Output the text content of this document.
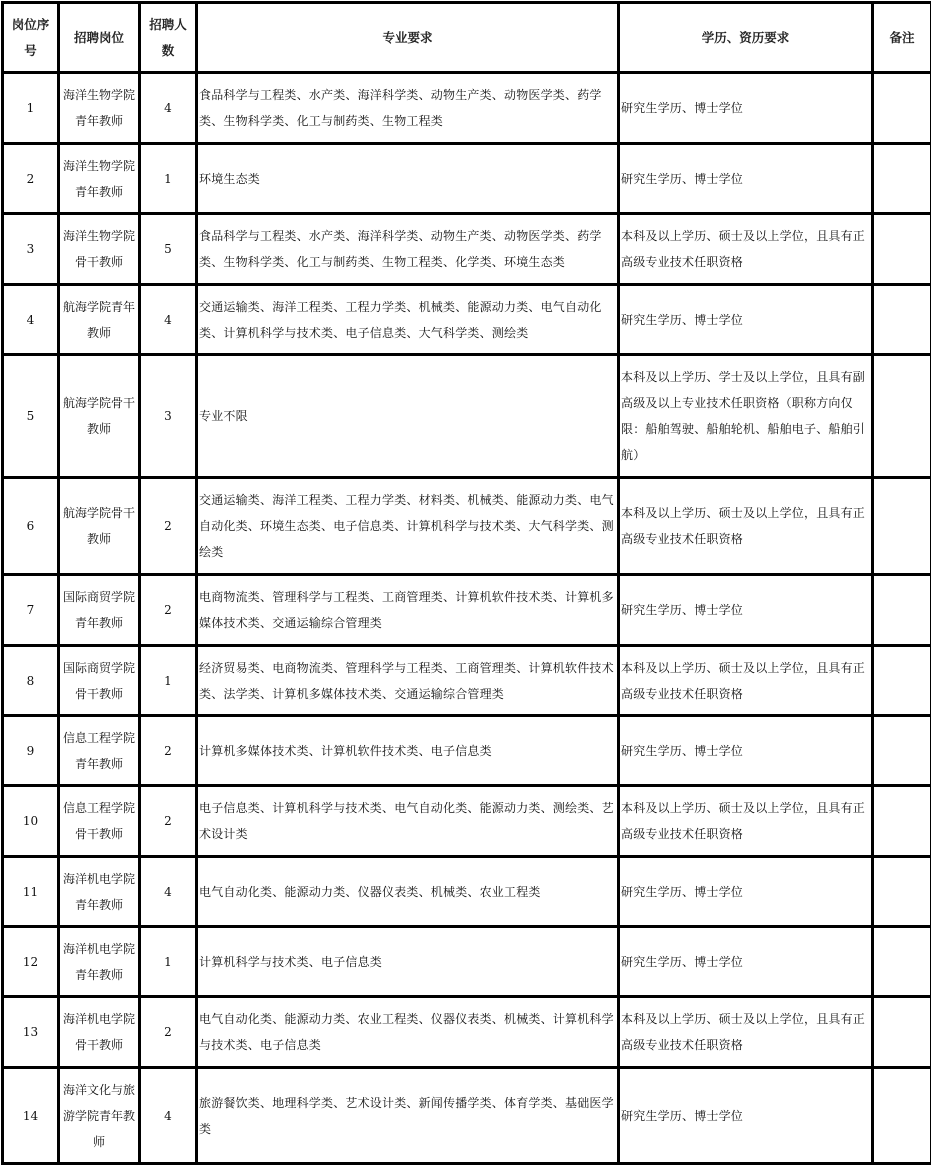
岗位序号	招聘岗位	招聘人数	专业要求	学历、资历要求	备注
1	海洋生物学院青年教师	4	食品科学与工程类、水产类、海洋科学类、动物生产类、动物医学类、药学类、生物科学类、化工与制药类、生物工程类	研究生学历、博士学位	
2	海洋生物学院青年教师	1	环境生态类	研究生学历、博士学位	
3	海洋生物学院骨干教师	5	食品科学与工程类、水产类、海洋科学类、动物生产类、动物医学类、药学类、生物科学类、化工与制药类、生物工程类、化学类、环境生态类	本科及以上学历、硕士及以上学位，且具有正高级专业技术任职资格	
4	航海学院青年教师	4	交通运输类、海洋工程类、工程力学类、机械类、能源动力类、电气自动化类、计算机科学与技术类、电子信息类、大气科学类、测绘类	研究生学历、博士学位	
5	航海学院骨干教师	3	专业不限	本科及以上学历、学士及以上学位，且具有副高级及以上专业技术任职资格（职称方向仅限：船舶驾驶、船舶轮机、船舶电子、船舶引航）	
6	航海学院骨干教师	2	交通运输类、海洋工程类、工程力学类、材料类、机械类、能源动力类、电气自动化类、环境生态类、电子信息类、计算机科学与技术类、大气科学类、测绘类	本科及以上学历、硕士及以上学位，且具有正高级专业技术任职资格	
7	国际商贸学院青年教师	2	电商物流类、管理科学与工程类、工商管理类、计算机软件技术类、计算机多媒体技术类、交通运输综合管理类	研究生学历、博士学位	
8	国际商贸学院骨干教师	1	经济贸易类、电商物流类、管理科学与工程类、工商管理类、计算机软件技术类、法学类、计算机多媒体技术类、交通运输综合管理类	本科及以上学历、硕士及以上学位，且具有正高级专业技术任职资格	
9	信息工程学院青年教师	2	计算机多媒体技术类、计算机软件技术类、电子信息类	研究生学历、博士学位	
10	信息工程学院骨干教师	2	电子信息类、计算机科学与技术类、电气自动化类、能源动力类、测绘类、艺术设计类	本科及以上学历、硕士及以上学位，且具有正高级专业技术任职资格	
11	海洋机电学院青年教师	4	电气自动化类、能源动力类、仪器仪表类、机械类、农业工程类	研究生学历、博士学位	
12	海洋机电学院青年教师	1	计算机科学与技术类、电子信息类	研究生学历、博士学位	
13	海洋机电学院骨干教师	2	电气自动化类、能源动力类、农业工程类、仪器仪表类、机械类、计算机科学与技术类、电子信息类	本科及以上学历、硕士及以上学位，且具有正高级专业技术任职资格	
14	海洋文化与旅游学院青年教师	4	旅游餐饮类、地理科学类、艺术设计类、新闻传播学类、体育学类、基础医学类	研究生学历、博士学位	
